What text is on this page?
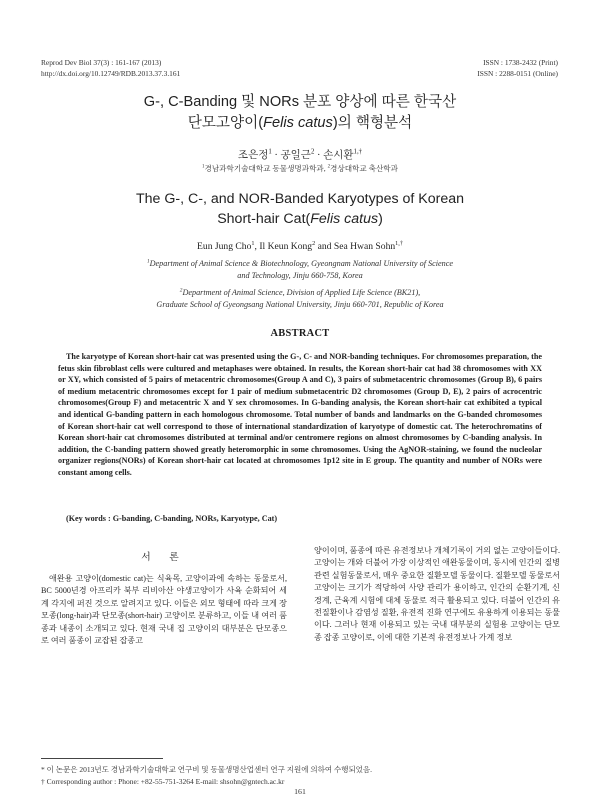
Reprod Dev Biol 37(3) : 161-167 (2013)
http://dx.doi.org/10.12749/RDB.2013.37.3.161
ISSN : 1738-2432 (Print)
ISSN : 2288-0151 (Online)
G-, C-Banding 및 NORs 분포 양상에 따른 한국산
단모고양이(Felis catus)의 핵형분석
조은정$^1$ · 공일근$^2$ · 손시환$^{1,\dagger}$
$^1$경남과학기술대학교 동물생명과학과, $^2$경상대학교 축산학과
The G-, C-, and NOR-Banded Karyotypes of Korean
Short-hair Cat(Felis catus)
Eun Jung Cho$^1$, Il Keun Kong$^2$ and Sea Hwan Sohn$^{1,\dagger}$
$^1$Department of Animal Science & Biotechnology, Gyeongnam National University of Science
and Technology, Jinju 660-758, Korea
$^2$Department of Animal Science, Division of Applied Life Science (BK21),
Graduate School of Gyeongsang National University, Jinju 660-701, Republic of Korea
ABSTRACT
The karyotype of Korean short-hair cat was presented using the G-, C- and NOR-banding techniques. For chromosomes preparation, the fetus skin fibroblast cells were cultured and metaphases were obtained. In results, the Korean short-hair cat had 38 chromosomes with XX or XY, which consisted of 5 pairs of metacentric chromosomes(Group A and C), 3 pairs of submetacentric chromosomes (Group B), 6 pairs of medium metacentric chromosomes except for 1 pair of medium submetacentric D2 chromosomes (Group D, E), 2 pairs of acrocentric chromosomes(Group F) and metacentric X and Y sex chromosomes. In G-banding analysis, the Korean short-hair cat exhibited a typical and identical G-banding pattern in each homologous chromosome. Total number of bands and landmarks on the G-banded chromosomes of Korean short-hair cat well correspond to those of international standardization of karyotype of domestic cat. The heterochromatins of Korean short-hair cat chromosomes distributed at terminal and/or centromere regions on almost chromosomes by C-banding analysis. In addition, the C-banding pattern showed greatly heteromorphic in some chromosomes. Using the AgNOR-staining, we found the nucleolar organizer regions(NORs) of Korean short-hair cat located at chromosomes 1p12 site in E group. The quantity and number of NORs were constant among cells.
(Key words : G-banding, C-banding, NORs, Karyotype, Cat)
서 론
애완용 고양이(domestic cat)는 식육목, 고양이과에 속하는 동물로서, BC 5000년경 아프리카 북부 리비아산 야생고양이가 사육 순화되어 세계 각지에 퍼진 것으로 알려지고 있다. 이들은 외모 형태에 따라 크게 장모종(long-hair)과 단모종(short-hair) 고양이로 분류하고, 이들 내 여러 품종과 내종이 소개되고 있다. 현재 국내 집 고양이의 대부분은 단모종으로 여러 품종이 교잡된 잡종고
양이이며, 품종에 따른 유전정보나 개체기록이 거의 없는 고양이들이다. 고양이는 개와 더불어 가장 이상적인 애완동물이며, 동시에 인간의 질병 관련 실험동물로서, 매우 중요한 질환모델 동물이다. 질환모델 동물로서 고양이는 크기가 적당하여 사양 관리가 용이하고, 인간의 순환기계, 신경계, 근육계 시험에 대체 동물로 적극 활용되고 있다. 더불어 인간의 유전질환이나 감염성 질환, 유전적 진화 연구에도 유용하게 이용되는 동물이다. 그러나 현재 이용되고 있는 국내 대부분의 실험용 고양이는 단모종 잡종 고양이로, 이에 대한 기본적 유전정보나 가계 정보
* 이 논문은 2013년도 경남과학기술대학교 연구비 및 동물생명산업센터 연구 지원에 의하여 수행되었음.
† Corresponding author : Phone: +82-55-751-3264 E-mail: shsohn@gntech.ac.kr
161
